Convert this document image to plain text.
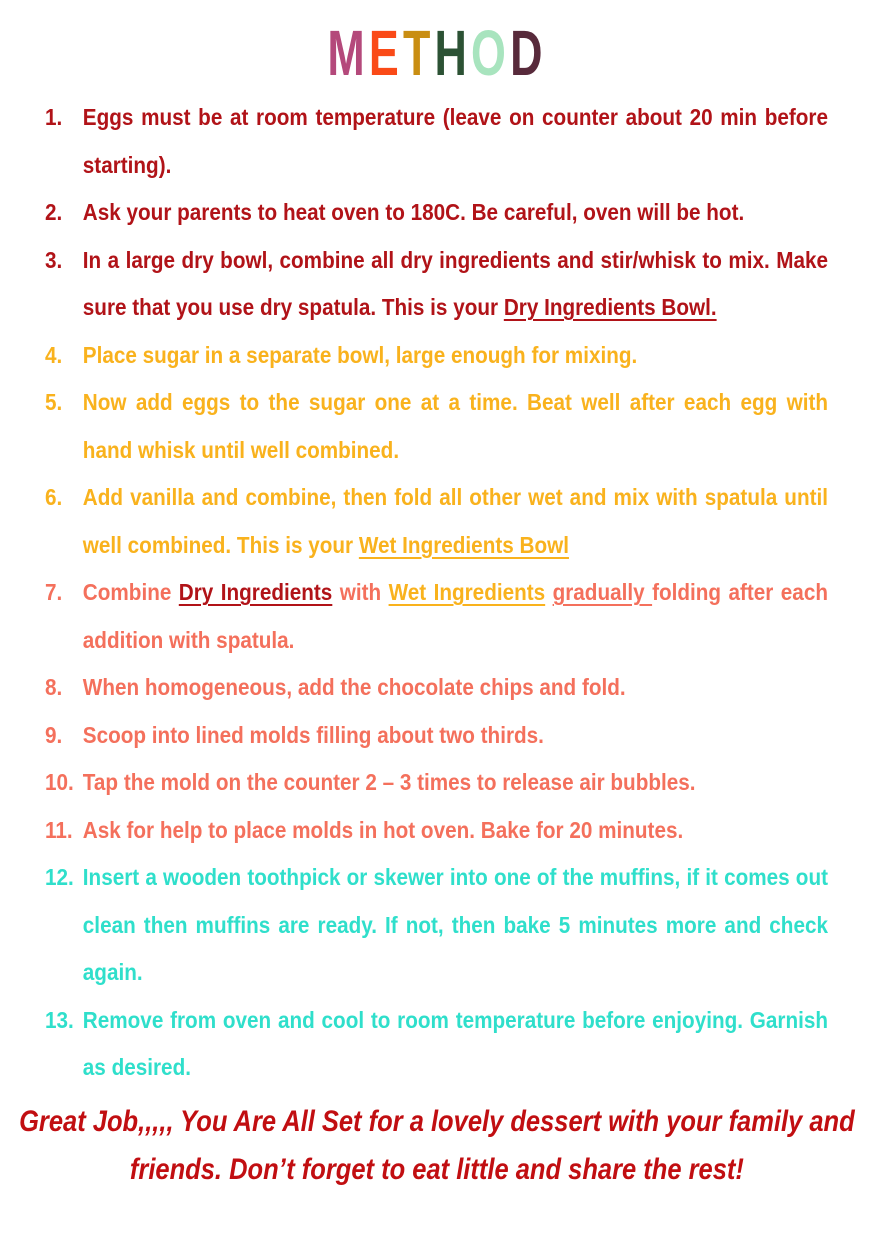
METHOD
1. Eggs must be at room temperature (leave on counter about 20 min before starting).
2. Ask your parents to heat oven to 180C. Be careful, oven will be hot.
3. In a large dry bowl, combine all dry ingredients and stir/whisk to mix. Make sure that you use dry spatula. This is your Dry Ingredients Bowl.
4. Place sugar in a separate bowl, large enough for mixing.
5. Now add eggs to the sugar one at a time. Beat well after each egg with hand whisk until well combined.
6. Add vanilla and combine, then fold all other wet and mix with spatula until well combined. This is your Wet Ingredients Bowl
7. Combine Dry Ingredients with Wet Ingredients gradually folding after each addition with spatula.
8. When homogeneous, add the chocolate chips and fold.
9. Scoop into lined molds filling about two thirds.
10. Tap the mold on the counter 2 – 3 times to release air bubbles.
11. Ask for help to place molds in hot oven. Bake for 20 minutes.
12. Insert a wooden toothpick or skewer into one of the muffins, if it comes out clean then muffins are ready. If not, then bake 5 minutes more and check again.
13. Remove from oven and cool to room temperature before enjoying. Garnish as desired.

Great Job,,,,, You Are All Set for a lovely dessert with your family and friends. Don’t forget to eat little and share the rest!
